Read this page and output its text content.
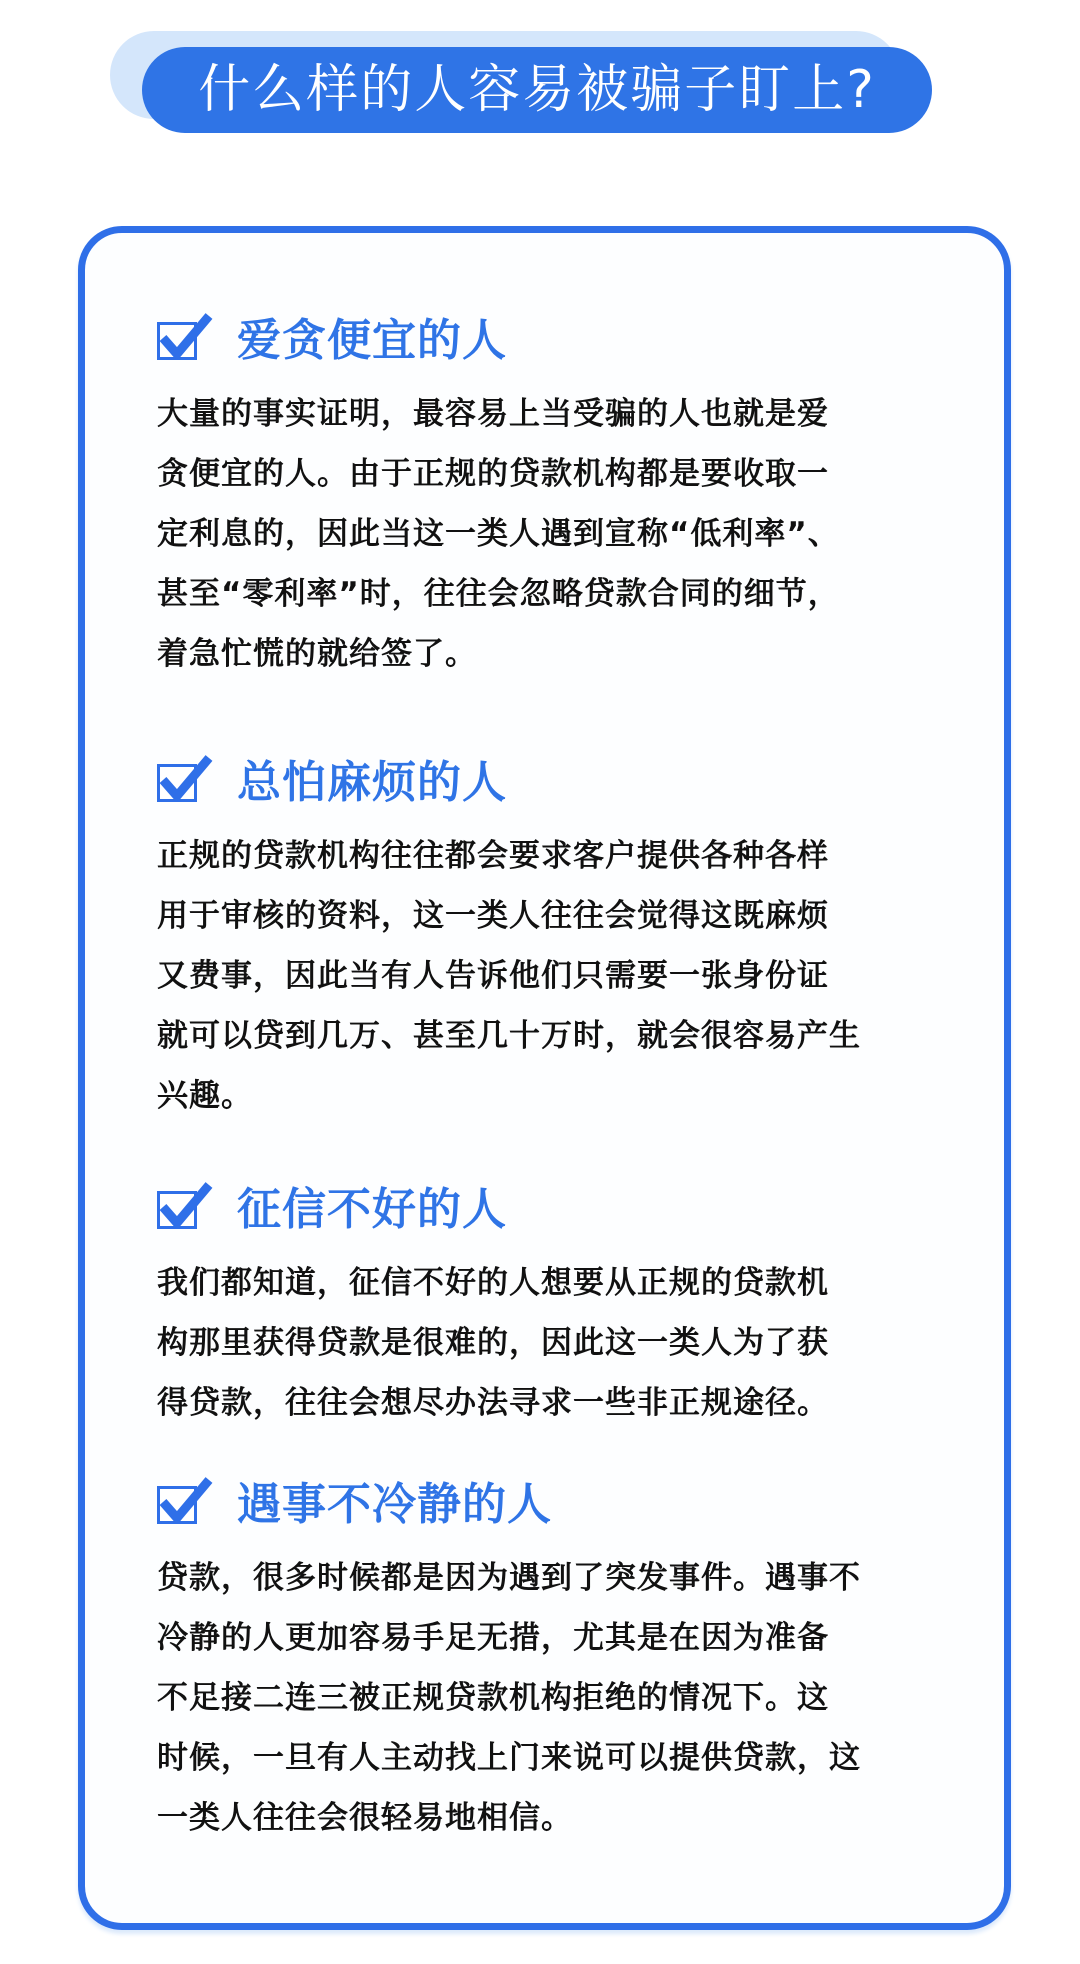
什么样的人容易被骗子盯上?
爱贪便宜的人
大量的事实证明，最容易上当受骗的人也就是爱
贪便宜的人。由于正规的贷款机构都是要收取一
定利息的，因此当这一类人遇到宣称“低利率”、
甚至“零利率”时，往往会忽略贷款合同的细节，
着急忙慌的就给签了。
总怕麻烦的人
正规的贷款机构往往都会要求客户提供各种各样
用于审核的资料，这一类人往往会觉得这既麻烦
又费事，因此当有人告诉他们只需要一张身份证
就可以贷到几万、甚至几十万时，就会很容易产生
兴趣。
征信不好的人
我们都知道，征信不好的人想要从正规的贷款机
构那里获得贷款是很难的，因此这一类人为了获
得贷款，往往会想尽办法寻求一些非正规途径。
遇事不冷静的人
贷款，很多时候都是因为遇到了突发事件。遇事不
冷静的人更加容易手足无措，尤其是在因为准备
不足接二连三被正规贷款机构拒绝的情况下。这
时候，一旦有人主动找上门来说可以提供贷款，这
一类人往往会很轻易地相信。
